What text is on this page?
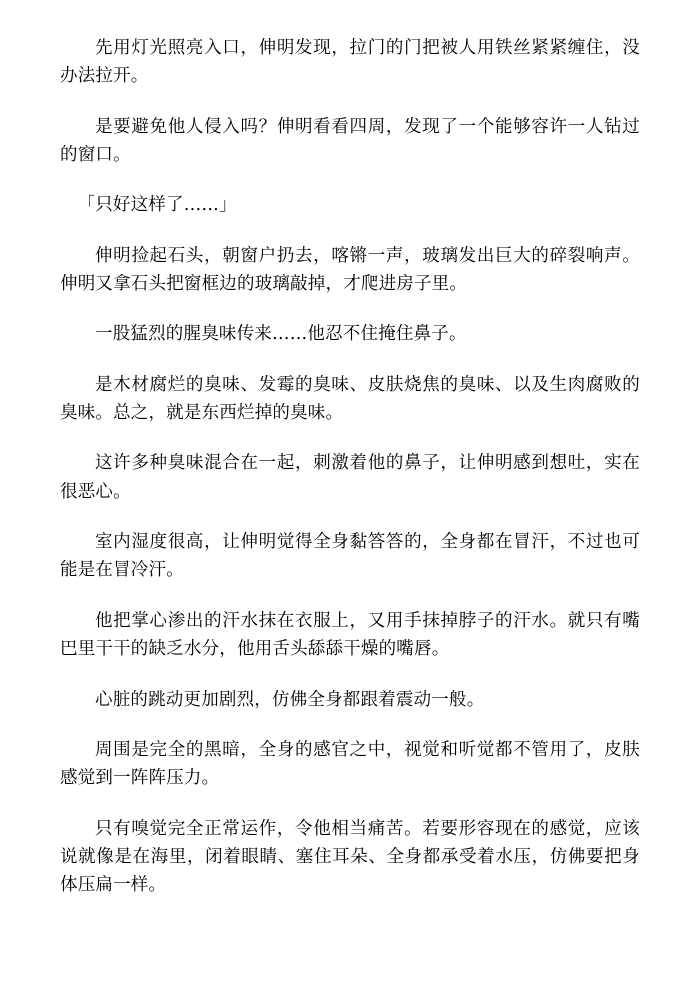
先用灯光照亮入口，伸明发现，拉门的门把被人用铁丝紧紧缠住，没办法拉开。

是要避免他人侵入吗？伸明看看四周，发现了一个能够容许一人钻过的窗口。

「只好这样了……」

伸明捡起石头，朝窗户扔去，喀锵一声，玻璃发出巨大的碎裂响声。伸明又拿石头把窗框边的玻璃敲掉，才爬进房子里。

一股猛烈的腥臭味传来……他忍不住掩住鼻子。

是木材腐烂的臭味、发霉的臭味、皮肤烧焦的臭味、以及生肉腐败的臭味。总之，就是东西烂掉的臭味。

这许多种臭味混合在一起，刺激着他的鼻子，让伸明感到想吐，实在很恶心。

室内湿度很高，让伸明觉得全身黏答答的，全身都在冒汗，不过也可能是在冒冷汗。

他把掌心渗出的汗水抹在衣服上，又用手抹掉脖子的汗水。就只有嘴巴里干干的缺乏水分，他用舌头舔舔干燥的嘴唇。

心脏的跳动更加剧烈，仿佛全身都跟着震动一般。

周围是完全的黑暗，全身的感官之中，视觉和听觉都不管用了，皮肤感觉到一阵阵压力。

只有嗅觉完全正常运作，令他相当痛苦。若要形容现在的感觉，应该说就像是在海里，闭着眼睛、塞住耳朵、全身都承受着水压，仿佛要把身体压扁一样。
